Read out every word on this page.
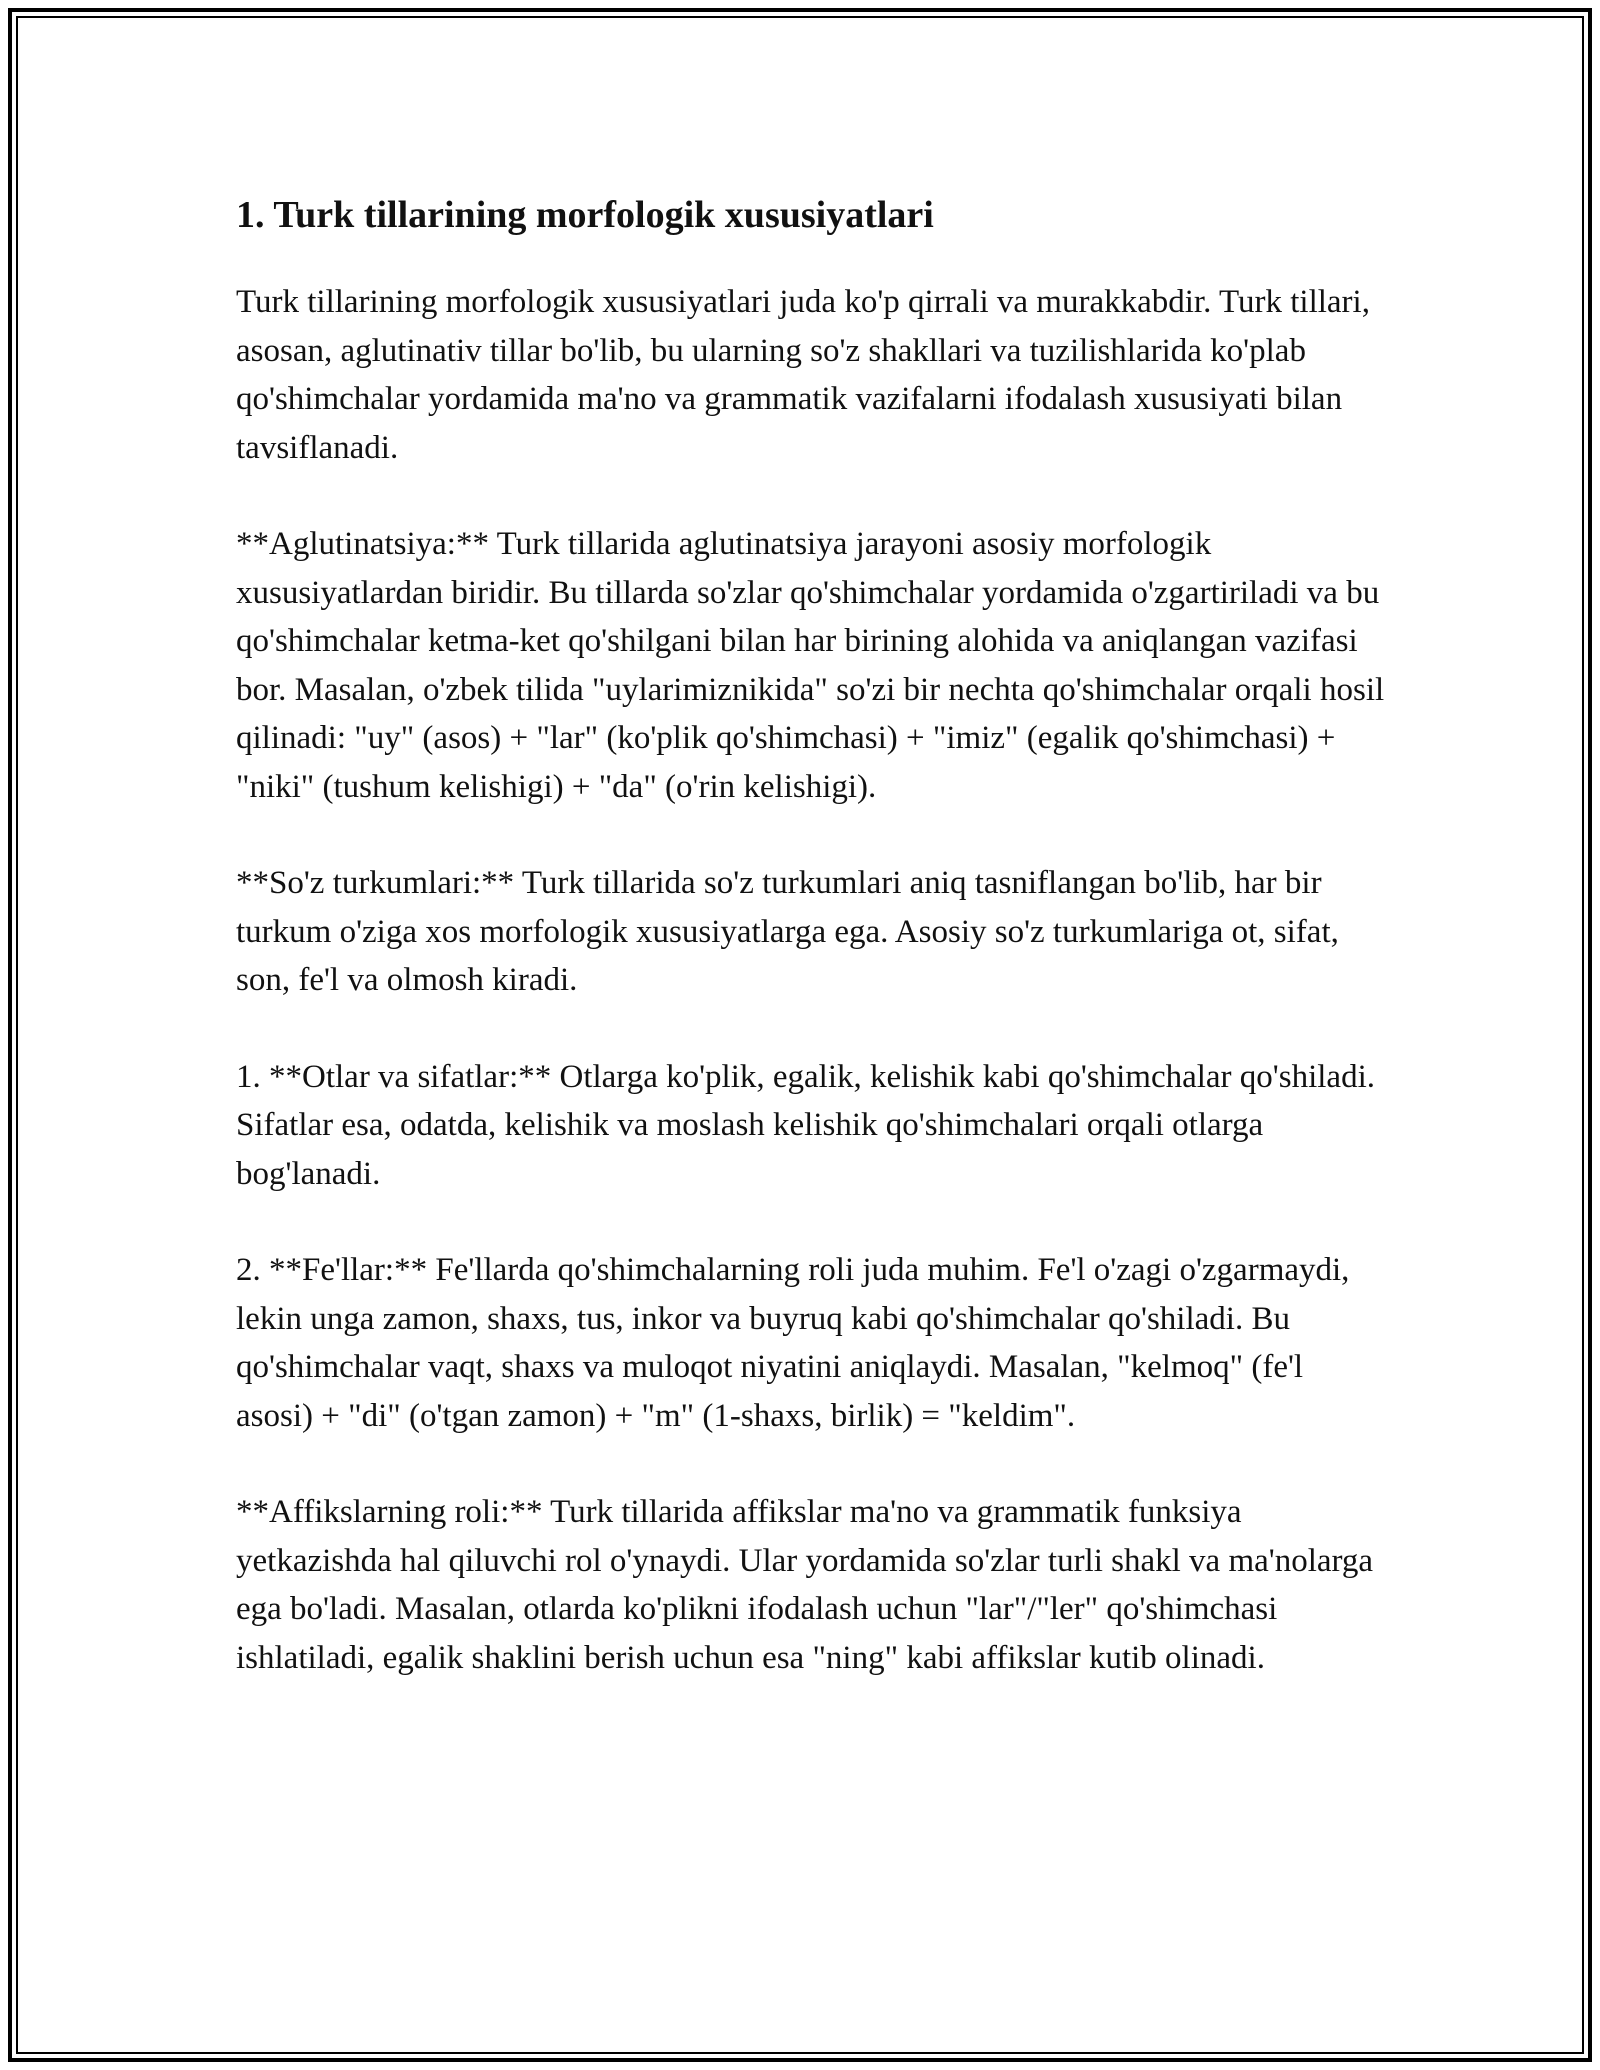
1. Turk tillarining morfologik xususiyatlari

Turk tillarining morfologik xususiyatlari juda ko'p qirrali va murakkabdir. Turk tillari, asosan, aglutinativ tillar bo'lib, bu ularning so'z shakllari va tuzilishlarida ko'plab qo'shimchalar yordamida ma'no va grammatik vazifalarni ifodalash xususiyati bilan tavsiflanadi.

**Aglutinatsiya:** Turk tillarida aglutinatsiya jarayoni asosiy morfologik xususiyatlardan biridir. Bu tillarda so'zlar qo'shimchalar yordamida o'zgartiriladi va bu qo'shimchalar ketma-ket qo'shilgani bilan har birining alohida va aniqlangan vazifasi bor. Masalan, o'zbek tilida "uylarimiznikida" so'zi bir nechta qo'shimchalar orqali hosil qilinadi: "uy" (asos) + "lar" (ko'plik qo'shimchasi) + "imiz" (egalik qo'shimchasi) + "niki" (tushum kelishigi) + "da" (o'rin kelishigi).

**So'z turkumlari:** Turk tillarida so'z turkumlari aniq tasniflangan bo'lib, har bir turkum o'ziga xos morfologik xususiyatlarga ega. Asosiy so'z turkumlariga ot, sifat, son, fe'l va olmosh kiradi.

1. **Otlar va sifatlar:** Otlarga ko'plik, egalik, kelishik kabi qo'shimchalar qo'shiladi. Sifatlar esa, odatda, kelishik va moslash kelishik qo'shimchalari orqali otlarga bog'lanadi.

2. **Fe'llar:** Fe'llarda qo'shimchalarning roli juda muhim. Fe'l o'zagi o'zgarmaydi, lekin unga zamon, shaxs, tus, inkor va buyruq kabi qo'shimchalar qo'shiladi. Bu qo'shimchalar vaqt, shaxs va muloqot niyatini aniqlaydi. Masalan, "kelmoq" (fe'l asosi) + "di" (o'tgan zamon) + "m" (1-shaxs, birlik) = "keldim".

**Affikslarning roli:** Turk tillarida affikslar ma'no va grammatik funksiya yetkazishda hal qiluvchi rol o'ynaydi. Ular yordamida so'zlar turli shakl va ma'nolarga ega bo'ladi. Masalan, otlarda ko'plikni ifodalash uchun "lar"/"ler" qo'shimchasi ishlatiladi, egalik shaklini berish uchun esa "ning" kabi affikslar kutib olinadi.
